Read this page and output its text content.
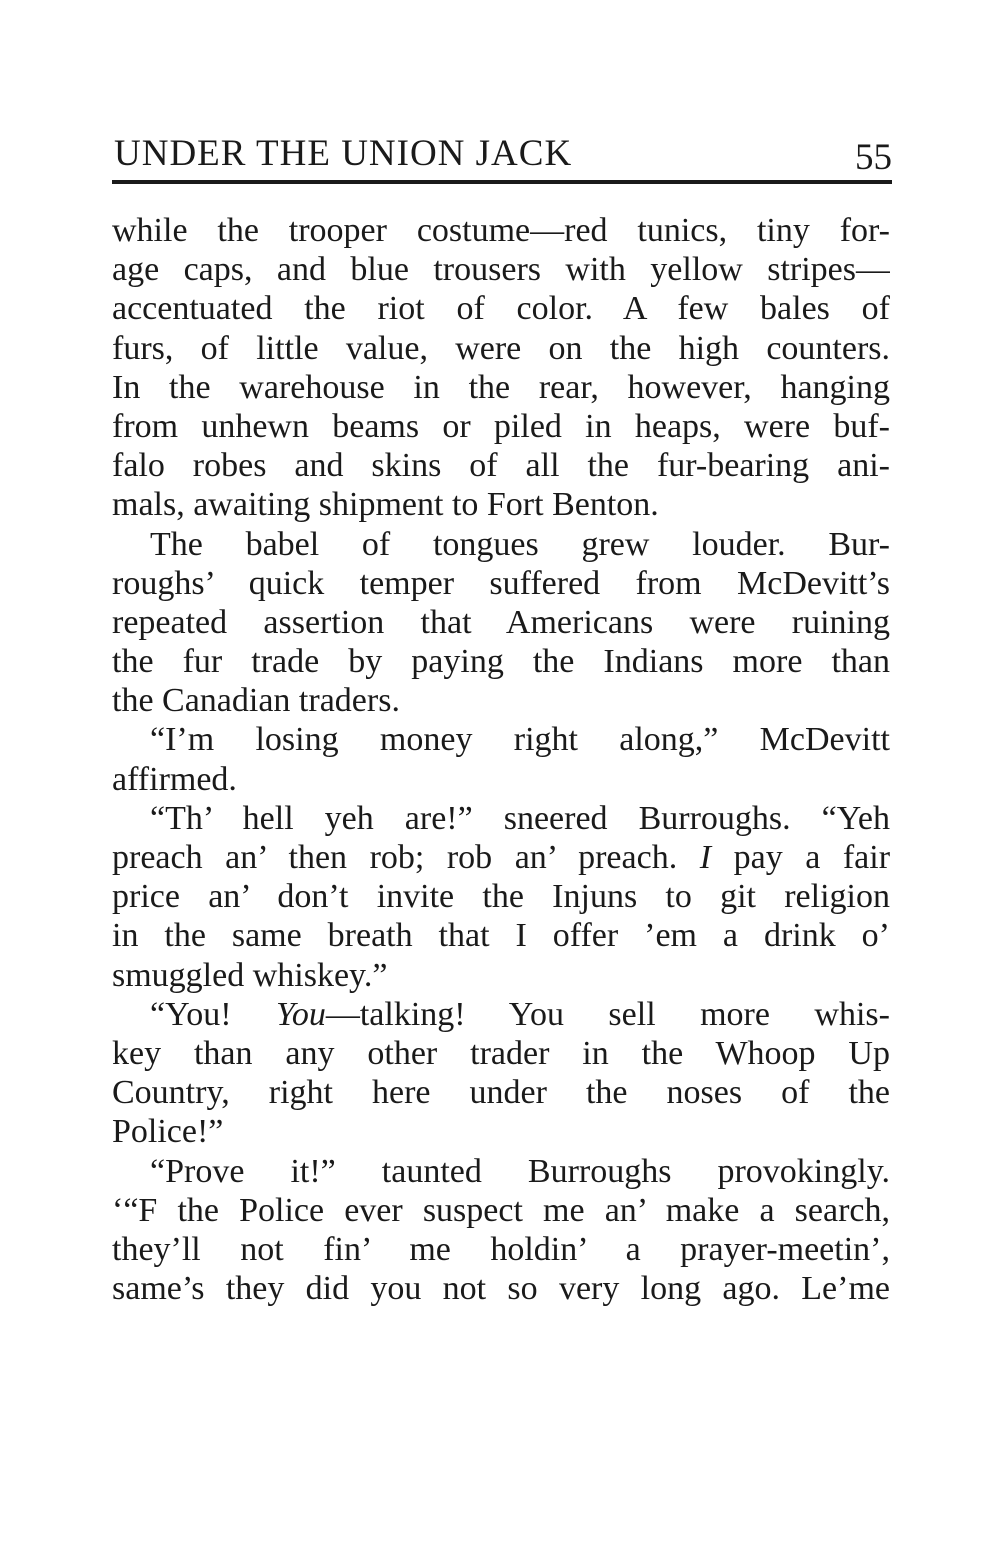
UNDER THE UNION JACK	55
while the trooper costume—red tunics, tiny for-
age caps, and blue trousers with yellow stripes—
accentuated the riot of color. A few bales of
furs, of little value, were on the high counters.
In the warehouse in the rear, however, hanging
from unhewn beams or piled in heaps, were buf-
falo robes and skins of all the fur-bearing ani-
mals, awaiting shipment to Fort Benton.
The babel of tongues grew louder. Bur-
roughs’ quick temper suffered from McDevitt’s
repeated assertion that Americans were ruining
the fur trade by paying the Indians more than
the Canadian traders.
“I’m losing money right along,” McDevitt
affirmed.
“Th’ hell yeh are!” sneered Burroughs. “Yeh
preach an’ then rob; rob an’ preach. I pay a fair
price an’ don’t invite the Injuns to git religion
in the same breath that I offer ’em a drink o’
smuggled whiskey.”
“You! You—talking! You sell more whis-
key than any other trader in the Whoop Up
Country, right here under the noses of the
Police!”
“Prove it!” taunted Burroughs provokingly.
‘“F the Police ever suspect me an’ make a search,
they’ll not fin’ me holdin’ a prayer-meetin’,
same’s they did you not so very long ago. Le’me
